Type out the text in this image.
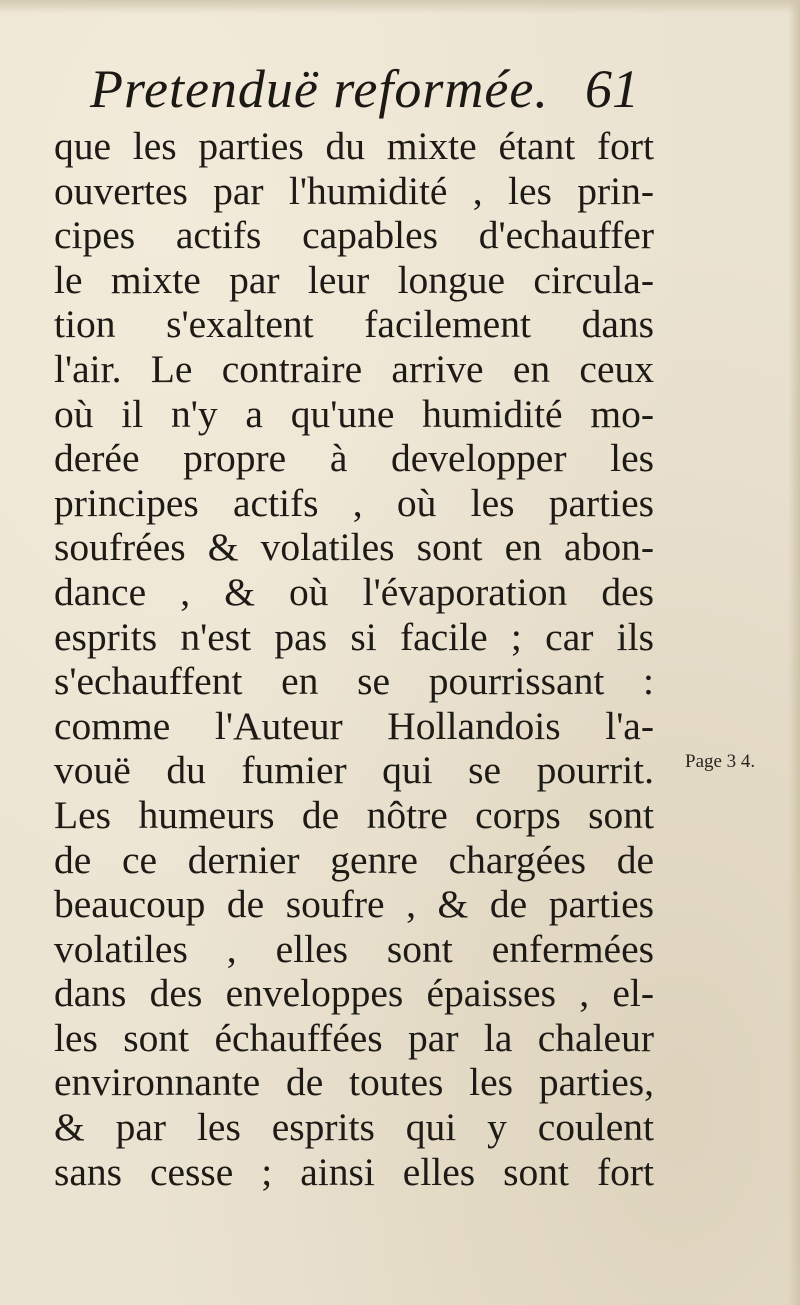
Pretenduë reformée. 61
que les parties du mixte étant fort
ouvertes par l'humidité , les prin-
cipes actifs capables d'echauffer
le mixte par leur longue circula-
tion s'exaltent facilement dans
l'air. Le contraire arrive en ceux
où il n'y a qu'une humidité mo-
derée propre à developper les
principes actifs , où les parties
soufrées & volatiles sont en abon-
dance , & où l'évaporation des
esprits n'est pas si facile ; car ils
s'echauffent en se pourrissant :
comme l'Auteur Hollandois l'a-
vouë du fumier qui se pourrit.
Les humeurs de nôtre corps sont
de ce dernier genre chargées de
beaucoup de soufre , & de parties
volatiles , elles sont enfermées
dans des enveloppes épaisses , el-
les sont échauffées par la chaleur
environnante de toutes les parties,
& par les esprits qui y coulent
sans cesse ; ainsi elles sont fort
Page 3 4.
